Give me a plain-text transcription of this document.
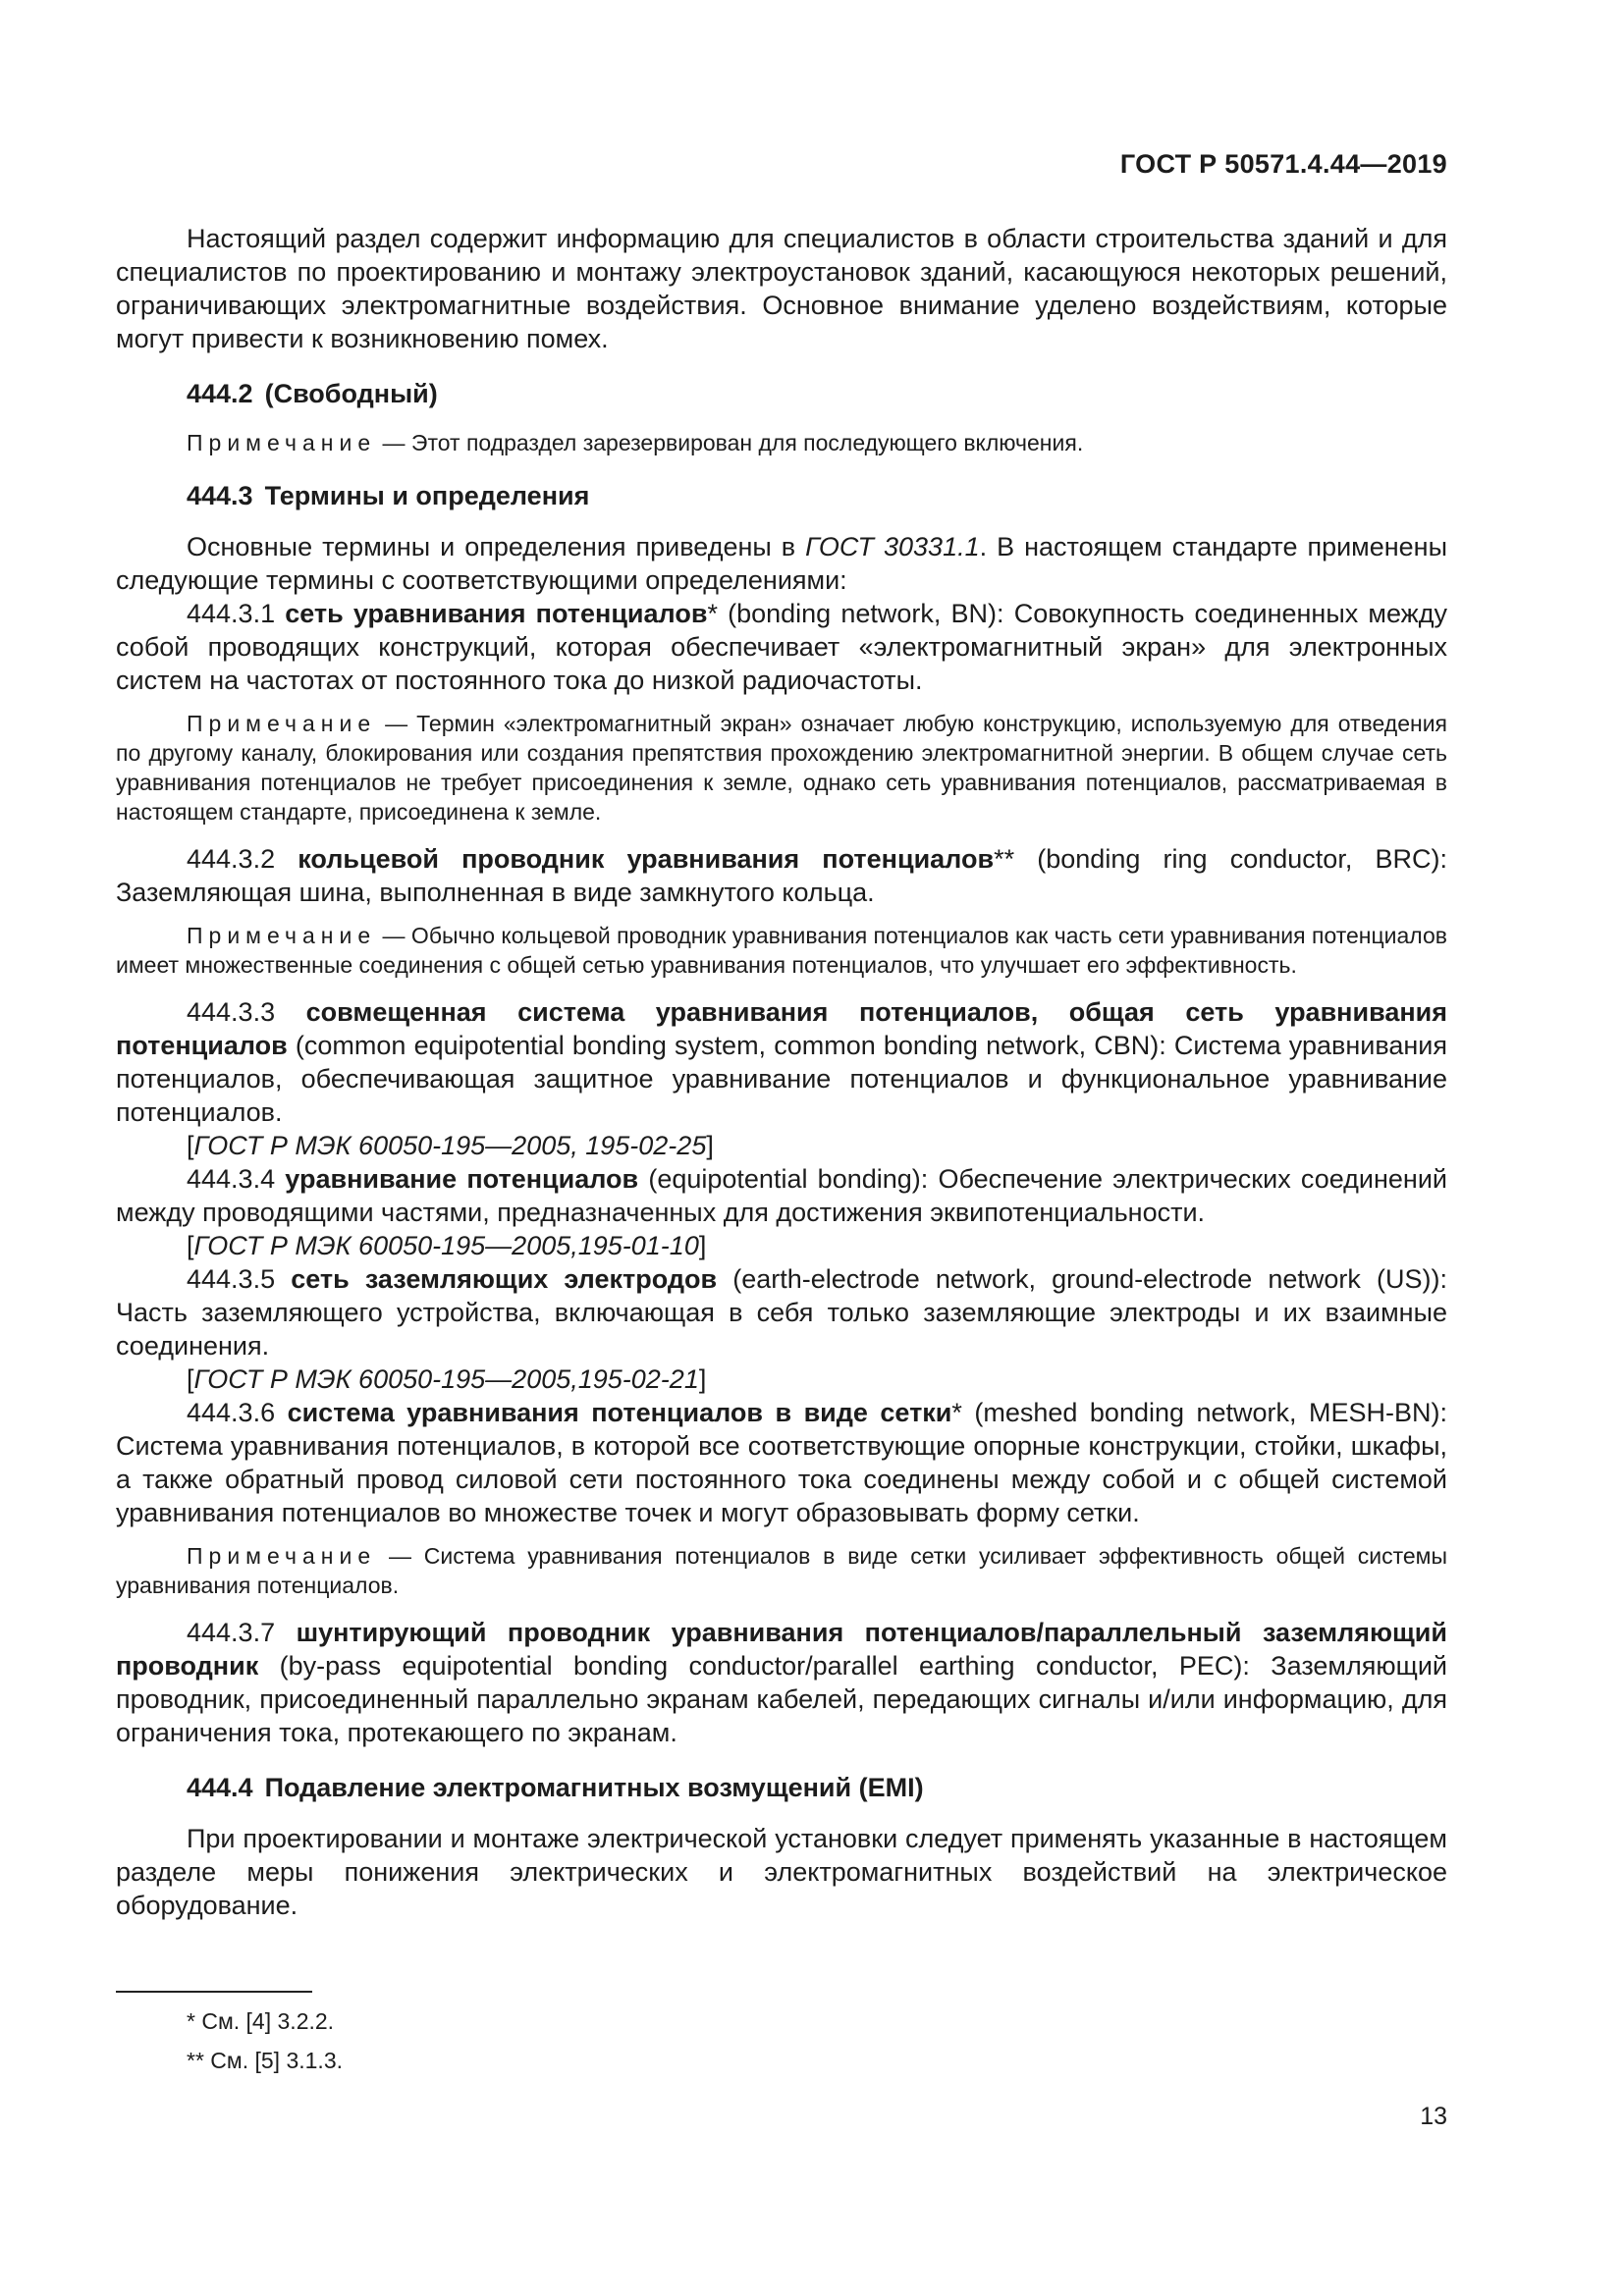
ГОСТ Р 50571.4.44—2019

Настоящий раздел содержит информацию для специалистов в области строительства зданий и для специалистов по проектированию и монтажу электроустановок зданий, касающуюся некоторых решений, ограничивающих электромагнитные воздействия. Основное внимание уделено воздействиям, которые могут привести к возникновению помех.

444.2 (Свободный)

Примечание — Этот подраздел зарезервирован для последующего включения.

444.3 Термины и определения

Основные термины и определения приведены в ГОСТ 30331.1. В настоящем стандарте применены следующие термины с соответствующими определениями:

444.3.1 сеть уравнивания потенциалов* (bonding network, BN): Совокупность соединенных между собой проводящих конструкций, которая обеспечивает «электромагнитный экран» для электронных систем на частотах от постоянного тока до низкой радиочастоты.

Примечание — Термин «электромагнитный экран» означает любую конструкцию, используемую для отведения по другому каналу, блокирования или создания препятствия прохождению электромагнитной энергии. В общем случае сеть уравнивания потенциалов не требует присоединения к земле, однако сеть уравнивания потенциалов, рассматриваемая в настоящем стандарте, присоединена к земле.

444.3.2 кольцевой проводник уравнивания потенциалов** (bonding ring conductor, BRC): Заземляющая шина, выполненная в виде замкнутого кольца.

Примечание — Обычно кольцевой проводник уравнивания потенциалов как часть сети уравнивания потенциалов имеет множественные соединения с общей сетью уравнивания потенциалов, что улучшает его эффективность.

444.3.3 совмещенная система уравнивания потенциалов, общая сеть уравнивания потенциалов (common equipotential bonding system, common bonding network, CBN): Система уравнивания потенциалов, обеспечивающая защитное уравнивание потенциалов и функциональное уравнивание потенциалов.

[ГОСТ Р МЭК 60050-195—2005, 195-02-25]

444.3.4 уравнивание потенциалов (equipotential bonding): Обеспечение электрических соединений между проводящими частями, предназначенных для достижения эквипотенциальности.

[ГОСТ Р МЭК 60050-195—2005,195-01-10]

444.3.5 сеть заземляющих электродов (earth-electrode network, ground-electrode network (US)): Часть заземляющего устройства, включающая в себя только заземляющие электроды и их взаимные соединения.

[ГОСТ Р МЭК 60050-195—2005,195-02-21]

444.3.6 система уравнивания потенциалов в виде сетки* (meshed bonding network, MESH-BN): Система уравнивания потенциалов, в которой все соответствующие опорные конструкции, стойки, шкафы, а также обратный провод силовой сети постоянного тока соединены между собой и с общей системой уравнивания потенциалов во множестве точек и могут образовывать форму сетки.

Примечание — Система уравнивания потенциалов в виде сетки усиливает эффективность общей системы уравнивания потенциалов.

444.3.7 шунтирующий проводник уравнивания потенциалов/параллельный заземляющий проводник (by-pass equipotential bonding conductor/parallel earthing conductor, PEC): Заземляющий проводник, присоединенный параллельно экранам кабелей, передающих сигналы и/или информацию, для ограничения тока, протекающего по экранам.

444.4 Подавление электромагнитных возмущений (EMI)

При проектировании и монтаже электрической установки следует применять указанные в настоящем разделе меры понижения электрических и электромагнитных воздействий на электрическое оборудование.

* См. [4] 3.2.2.
** См. [5] 3.1.3.
13
